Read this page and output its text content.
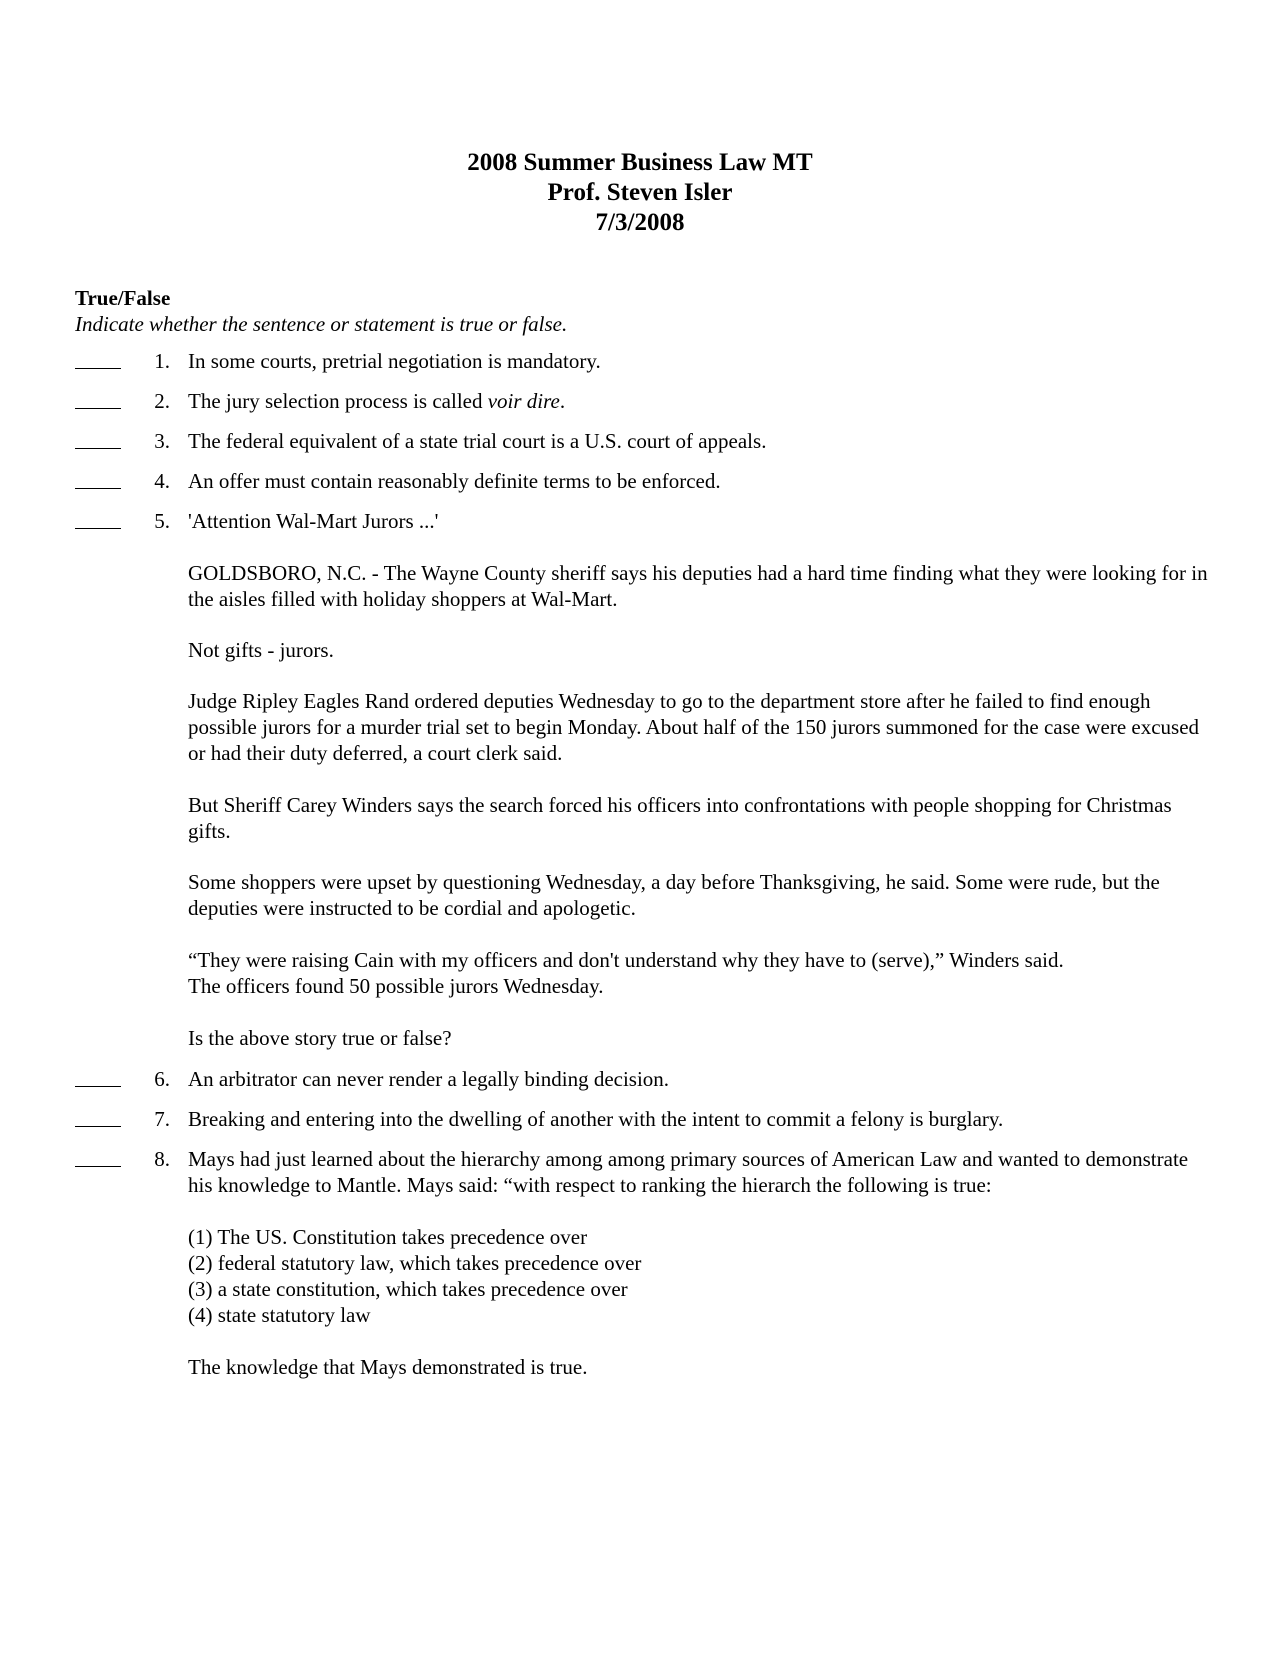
2008 Summer Business Law MT
Prof. Steven Isler
7/3/2008
True/False
Indicate whether the sentence or statement is true or false.
1. In some courts, pretrial negotiation is mandatory.
2. The jury selection process is called voir dire.
3. The federal equivalent of a state trial court is a U.S. court of appeals.
4. An offer must contain reasonably definite terms to be enforced.
5. 'Attention Wal-Mart Jurors ...'
GOLDSBORO, N.C. - The Wayne County sheriff says his deputies had a hard time finding what they were looking for in the aisles filled with holiday shoppers at Wal-Mart.
Not gifts - jurors.
Judge Ripley Eagles Rand ordered deputies Wednesday to go to the department store after he failed to find enough possible jurors for a murder trial set to begin Monday. About half of the 150 jurors summoned for the case were excused or had their duty deferred, a court clerk said.
But Sheriff Carey Winders says the search forced his officers into confrontations with people shopping for Christmas gifts.
Some shoppers were upset by questioning Wednesday, a day before Thanksgiving, he said. Some were rude, but the deputies were instructed to be cordial and apologetic.
“They were raising Cain with my officers and don't understand why they have to (serve),” Winders said.
The officers found 50 possible jurors Wednesday.
Is the above story true or false?
6. An arbitrator can never render a legally binding decision.
7. Breaking and entering into the dwelling of another with the intent to commit a felony is burglary.
8. Mays had just learned about the hierarchy among among primary sources of American Law and wanted to demonstrate his knowledge to Mantle. Mays said: “with respect to ranking the hierarch the following is true:

(1) The US. Constitution takes precedence over

(2) federal statutory law, which takes precedence over

(3) a state constitution, which takes precedence over

(4) state statutory law

The knowledge that Mays demonstrated is true.
